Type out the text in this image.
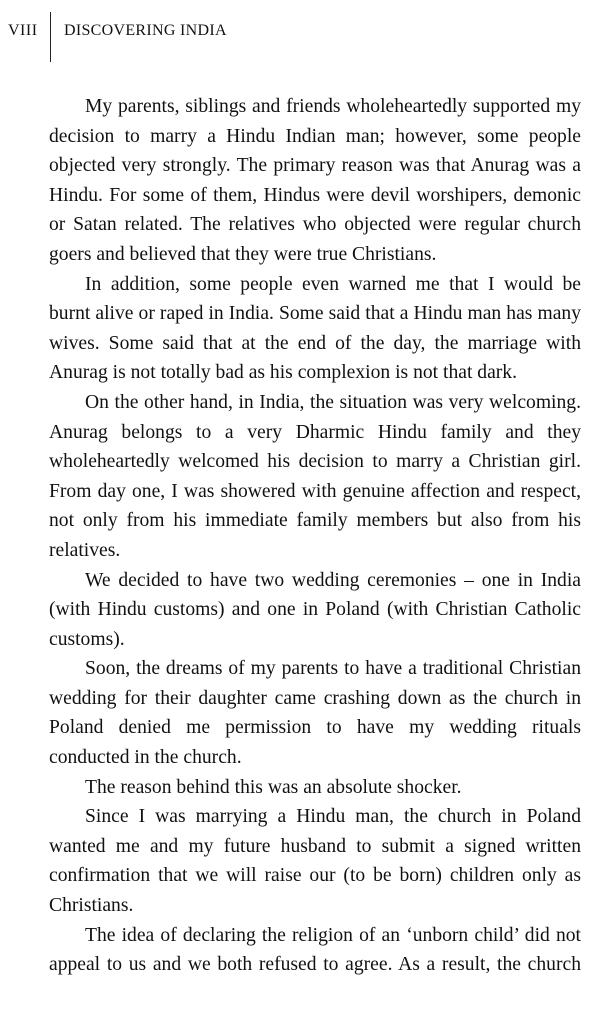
VIII DISCOVERING INDIA

My parents, siblings and friends wholeheartedly supported my decision to marry a Hindu Indian man; however, some people objected very strongly. The primary reason was that Anurag was a Hindu. For some of them, Hindus were devil worshipers, demonic or Satan related. The relatives who objected were regular church goers and believed that they were true Christians.

In addition, some people even warned me that I would be burnt alive or raped in India. Some said that a Hindu man has many wives. Some said that at the end of the day, the marriage with Anurag is not totally bad as his complexion is not that dark.

On the other hand, in India, the situation was very welcoming. Anurag belongs to a very Dharmic Hindu family and they wholeheartedly welcomed his decision to marry a Christian girl. From day one, I was showered with genuine affection and respect, not only from his immediate family members but also from his relatives.

We decided to have two wedding ceremonies – one in India (with Hindu customs) and one in Poland (with Christian Catholic customs).

Soon, the dreams of my parents to have a traditional Christian wedding for their daughter came crashing down as the church in Poland denied me permission to have my wedding rituals conducted in the church.

The reason behind this was an absolute shocker.

Since I was marrying a Hindu man, the church in Poland wanted me and my future husband to submit a signed written confirmation that we will raise our (to be born) children only as Christians.

The idea of declaring the religion of an ‘unborn child’ did not appeal to us and we both refused to agree. As a result, the church
